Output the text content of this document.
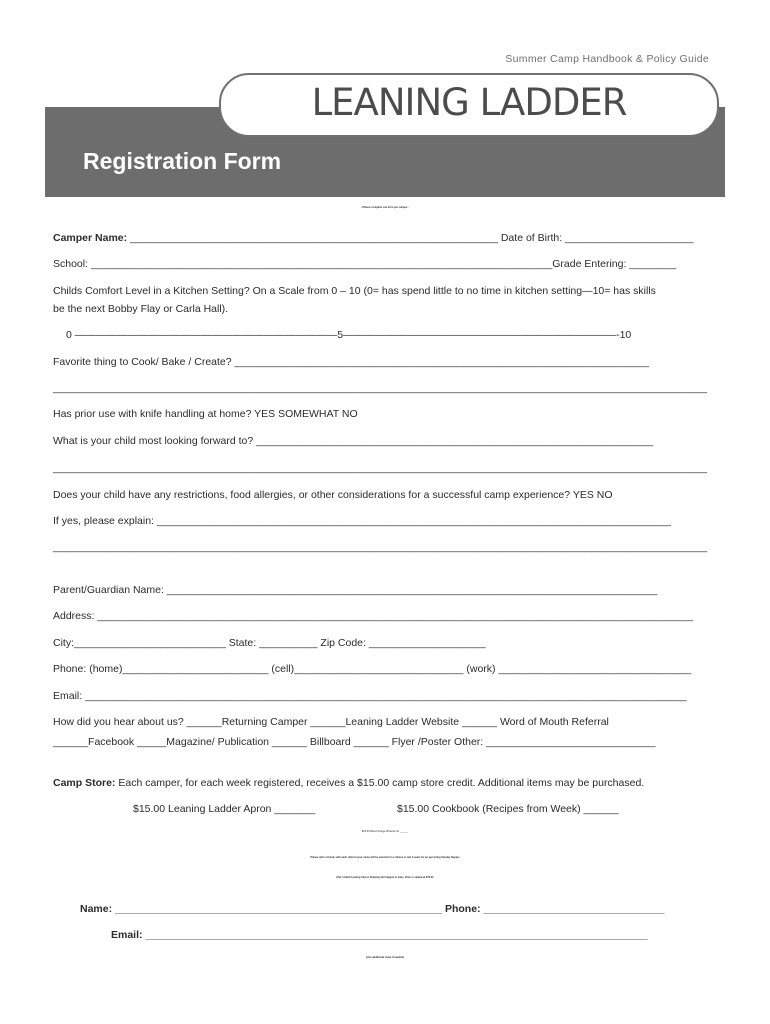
Summer Camp Handbook & Policy Guide
LEANING LADDER
Registration Form
- Please complete one form per camper -
Camper Name: _______________________________________________________________ Date of Birth: ______________________
School: _______________________________________________________________________________Grade Entering: ________
Childs Comfort Level in a Kitchen Setting? On a Scale from 0 – 10 (0= has spend little to no time in kitchen setting—10= has skills
be the next Bobby Flay or Carla Hall).
0 —————————————————————————5——————————————————————————-10
Favorite thing to Cook/ Bake / Create? _______________________________________________________________________
________________________________________________________________________________________________________________
Has prior use with knife handling at home? YES SOMEWHAT NO
What is your child most looking forward to? ____________________________________________________________________
________________________________________________________________________________________________________________
Does your child have any restrictions, food allergies, or other considerations for a successful camp experience? YES NO
If yes, please explain: ________________________________________________________________________________________
________________________________________________________________________________________________________________
Parent/Guardian Name: ____________________________________________________________________________________
Address: ______________________________________________________________________________________________________
City:__________________________ State: __________ Zip Code: ____________________
Phone: (home)_________________________ (cell)_____________________________ (work) _________________________________
Email: _______________________________________________________________________________________________________
How did you hear about us? ______Returning Camper ______Leaning Ladder Website ______ Word of Mouth Referral
______Facebook _____Magazine/ Publication ______ Billboard ______ Flyer /Poster Other: _____________________________
Camp Store: Each camper, for each week registered, receives a $15.00 camp store credit. Additional items may be purchased.
$15.00 Leaning Ladder Apron _______	$15.00 Cookbook (Recipes from Week) ______
$15.00 Blood Orange Brownie Kit ______
Please refer a friend, with each referral your name will be entered for a chance to win 2 seats for an upcoming Sunday Supper
(Kid / Adult Cooking Class). Drawing will happen in June. Prize is valued at $70.00
Name: ________________________________________________________ Phone: _______________________________
Email: ______________________________________________________________________________________
(Use additional sheet if needed)
